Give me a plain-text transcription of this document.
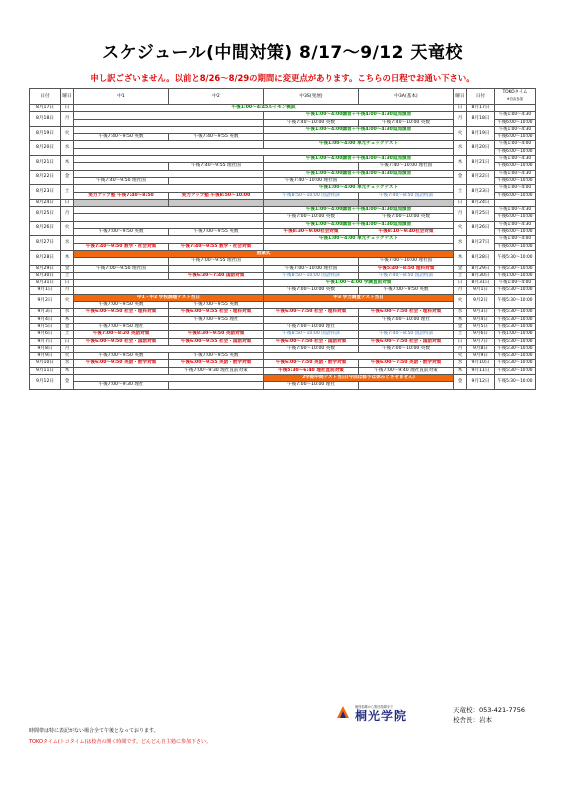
スケジュール(中間対策) 8/17～9/12 天竜校
申し訳ございません。以前と8/26～8/29の期間に変更点があります。こちらの日程でお通い下さい。
日付	曜日	中1	中2	中3S(発展)	中3A(基本)	曜日	日付	TOKOタイム
※自由参加
8月17日	日	午後1:00～4:45ルイモン模試				日	8月17日	
8月18日	月			午後1:00～4:00講習＋午後4:00～4:30追加演習		月	8月18日	午後1:00～4:30
				午後7:40～10:00 英数	午後7:40～10:00 英数			午後6:00～10:00
8月19日	火			午後1:00～4:00講習＋午後4:00～4:30追加演習		火	8月19日	午後1:00～4:30
		午後7:40～9:50 英数	午後7:40～9:55 英数					午後6:00～10:00
8月20日	水			午後1:00～4:00 単元チェックテスト		水	8月20日	午後1:00～4:00
								午後6:00～10:00
8月21日	木			午後1:00～4:00講習＋午後4:00～4:30追加演習		木	8月21日	午後1:00～4:30
			午後7:40～9:55 理社国		午後7:40～10:00 理社国			午後6:00～10:00
8月22日	金			午後1:00～4:00講習＋午後4:00～4:30追加演習		金	8月22日	午後1:00～4:30
		午後7:40～9:50 理社国		午後7:40～10:00 理社国				午後6:00～10:00
8月23日	土			午後1:00～4:00 単元チェックテスト		土	8月23日	午後1:00～4:00
		実力アップ塾 午後7:40～8:50	実力アップ塾 午後8:50～10:00	午後8:50～10:00 国語特訓	午後7:40～8:50 国語特訓			午後6:00～10:00
8月24日	日					日	8月24日	
8月25日	月			午後1:00～4:00講習＋午後4:00～4:30追加演習		月	8月25日	午後1:00～4:30
				午後7:00～10:00 英数	午後7:00～10:00 英数			午後6:00～10:00
8月26日	火			午後1:00～4:00講習＋午後4:00～4:30追加演習		火	8月26日	午後1:00～4:30
		午後7:00～9:50 英数	午後7:00～9:55 英数	午後8:30～9:00社会対策	午後8:10～9:40社会対策			午後6:00～10:00
8月27日	水			午後1:00～4:00 単元チェックテスト		水	8月27日	午後1:00～4:00
		午後7:40～9:50 数学・社会対策	午後7:40～9:55 数学・社会対策					午後6:00～10:00
8月28日	木	始業式				木	8月28日	午後5:30～10:00
			午後7:00～9:55 理社国		午後7:00～10:00 理社国			
8月29日	金	午後7:00～9:50 理社国		午後7:00～10:00 理社国	午後5:40～8:50 理科対策	金	8月29日	午後5:30～10:00
8月30日	土		午後6:30～7:40 国語対策	午後8:50～10:00 国語特訓	午後7:40～8:50 国語特訓	土	8月30日	午後1:00～10:00
8月31日	日			午後1:00～4:00 学調直前対策		日	8月31日	午後1:00～4:00
9月1日	月			午後7:00～10:00 英数	午後7:00～9:50 英数	月	9月1日	午後5:30～10:00
9月2日	火	中1・中2 学校課題テスト当日		中3 学力調査テスト当日		火	9月2日	午後5:30～10:00
		午後7:00～9:50 英数	午後7:00～9:55 英数					
9月3日	水	午後6:00～9:50 社会・理科対策	午後6:00～9:55 社会・理科対策	午後6:00～7:50 社会・理科対策	午後6:00～7:50 社会・理科対策	水	9月3日	午後5:30～10:00
9月4日	木		午後7:00～9:55 理社		午後7:00～10:00 理社	木	9月4日	午後5:30～10:00
9月5日	金	午後7:00～9:50 理社		午後7:00～10:00 理社		金	9月5日	午後5:30～10:00
9月6日	土	午後7:00～8:20 英語対策	午後8:30～9:50 英語対策	午後8:50～10:00 国語特訓	午後7:40～8:50 国語特訓	土	9月6日	午後1:00～10:00
9月7日	日	午後6:00～9:50 社会・国語対策	午後6:00～9:55 社会・国語対策	午後6:00～7:50 社会・国語対策	午後6:00～7:50 社会・国語対策	日	9月7日	午後5:30～10:00
9月8日	月			午後7:00～10:00 英数	午後7:00～10:00 英数	月	9月8日	午後5:30～10:00
9月9日	火	午後7:00～9:50 英数	午後7:00～9:55 英数			火	9月9日	午後5:30～10:00
9月10日	水	午後6:00～9:50 英語・数学対策	午後6:00～9:55 英語・数学対策	午後6:00～7:50 英語・数学対策	午後6:00～7:50 英語・数学対策	水	9月10日	午後5:30～10:00
9月11日	木		午後7:00～9:30 理社直前対策	午後5:30～6:40 理社直前対策	午後7:00～9:40 理社直前対策	木	9月11日	午後5:30～10:00
9月12日	金			2学期中間テスト当日(今回は都予は休みとさせません)		金	9月12日	午後5:30～10:00
		午後7:00～9:30 理社		午後7:00～10:00 理社				
時間帯は特に表記がない場合全て午後となっております。
TOKOタイム(トコタイム)は校舎の開く時間です。どんどん自主勉に参加下さい。
個別指導から集団指導まで
桐光学院	天竜校：053-421-7756
校舎長：岩本
